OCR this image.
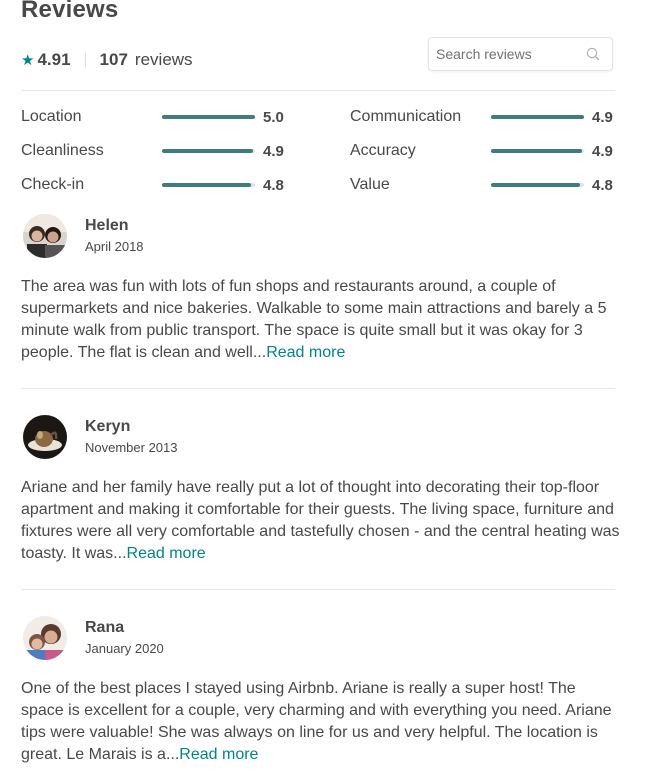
Reviews
★ 4.91 107 reviews
Search reviews
Location	5.0	Communication	4.9
Cleanliness	4.9	Accuracy	4.9
Check-in	4.8	Value	4.8
Helen
April 2018
The area was fun with lots of fun shops and restaurants around, a couple of supermarkets and nice bakeries. Walkable to some main attractions and barely a 5 minute walk from public transport. The space is quite small but it was okay for 3 people. The flat is clean and well...Read more
Keryn
November 2013
Ariane and her family have really put a lot of thought into decorating their top-floor apartment and making it comfortable for their guests. The living space, furniture and fixtures were all very comfortable and tastefully chosen - and the central heating was toasty. It was...Read more
Rana
January 2020
One of the best places I stayed using Airbnb. Ariane is really a super host! The space is excellent for a couple, very charming and with everything you need. Ariane tips were valuable! She was always on line for us and very helpful. The location is great. Le Marais is a...Read more
